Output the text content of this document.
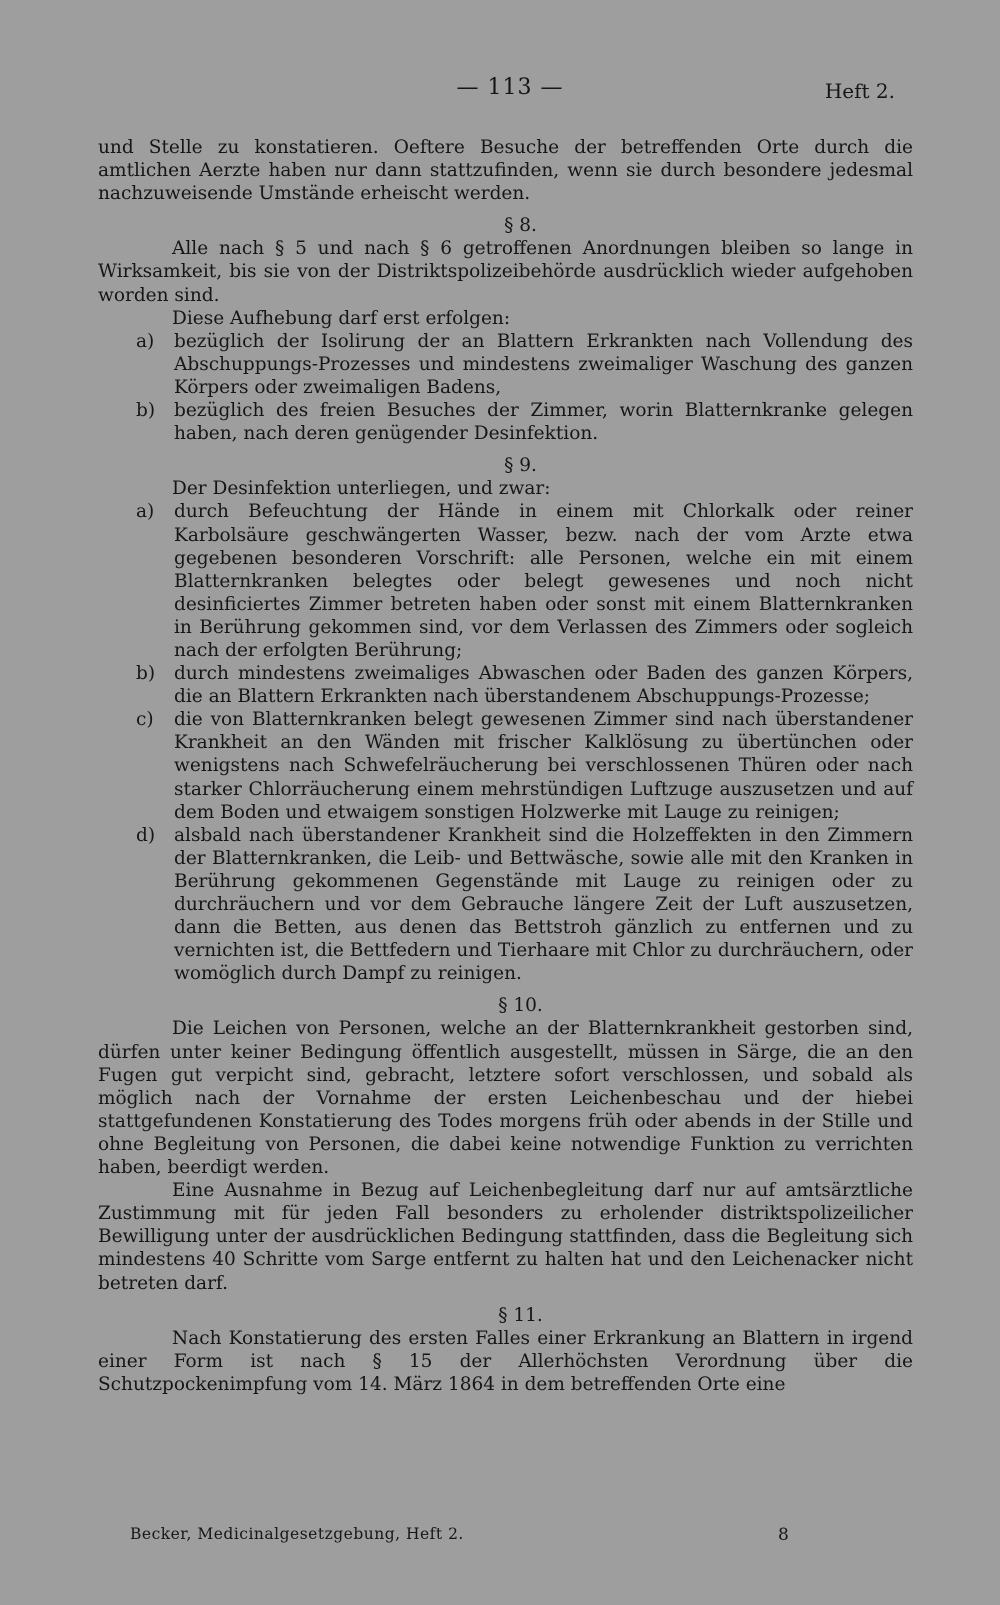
— 113 —	Heft 2.

und Stelle zu konstatieren. Oeftere Besuche der betreffenden Orte durch die amtlichen Aerzte haben nur dann stattzufinden, wenn sie durch besondere jedesmal nachzuweisende Umstände erheischt werden.

§ 8.

Alle nach § 5 und nach § 6 getroffenen Anordnungen bleiben so lange in Wirksamkeit, bis sie von der Distriktspolizeibehörde ausdrücklich wieder aufgehoben worden sind.

Diese Aufhebung darf erst erfolgen:

a)	bezüglich der Isolirung der an Blattern Erkrankten nach Vollendung des Abschuppungs-Prozesses und mindestens zweimaliger Waschung des ganzen Körpers oder zweimaligen Badens,
b)	bezüglich des freien Besuches der Zimmer, worin Blatternkranke gelegen haben, nach deren genügender Desinfektion.
§ 9.

Der Desinfektion unterliegen, und zwar:

a)	durch Befeuchtung der Hände in einem mit Chlorkalk oder reiner Karbolsäure geschwängerten Wasser, bezw. nach der vom Arzte etwa gegebenen besonderen Vorschrift: alle Personen, welche ein mit einem Blatternkranken belegtes oder belegt gewesenes und noch nicht desinficiertes Zimmer betreten haben oder sonst mit einem Blatternkranken in Berührung gekommen sind, vor dem Verlassen des Zimmers oder sogleich nach der erfolgten Berührung;
b)	durch mindestens zweimaliges Abwaschen oder Baden des ganzen Körpers, die an Blattern Erkrankten nach überstandenem Abschuppungs-Prozesse;
c)	die von Blatternkranken belegt gewesenen Zimmer sind nach überstandener Krankheit an den Wänden mit frischer Kalklösung zu übertünchen oder wenigstens nach Schwefelräucherung bei verschlossenen Thüren oder nach starker Chlorräucherung einem mehrstündigen Luftzuge auszusetzen und auf dem Boden und etwaigem sonstigen Holzwerke mit Lauge zu reinigen;
d)	alsbald nach überstandener Krankheit sind die Holzeffekten in den Zimmern der Blatternkranken, die Leib- und Bettwäsche, sowie alle mit den Kranken in Berührung gekommenen Gegenstände mit Lauge zu reinigen oder zu durchräuchern und vor dem Gebrauche längere Zeit der Luft auszusetzen, dann die Betten, aus denen das Bettstroh gänzlich zu entfernen und zu vernichten ist, die Bettfedern und Tierhaare mit Chlor zu durchräuchern, oder womöglich durch Dampf zu reinigen.
§ 10.

Die Leichen von Personen, welche an der Blatternkrankheit gestorben sind, dürfen unter keiner Bedingung öffentlich ausgestellt, müssen in Särge, die an den Fugen gut verpicht sind, gebracht, letztere sofort verschlossen, und sobald als möglich nach der Vornahme der ersten Leichenbeschau und der hiebei stattgefundenen Konstatierung des Todes morgens früh oder abends in der Stille und ohne Begleitung von Personen, die dabei keine notwendige Funktion zu verrichten haben, beerdigt werden.

Eine Ausnahme in Bezug auf Leichenbegleitung darf nur auf amtsärztliche Zustimmung mit für jeden Fall besonders zu erholender distriktspolizeilicher Bewilligung unter der ausdrücklichen Bedingung stattfinden, dass die Begleitung sich mindestens 40 Schritte vom Sarge entfernt zu halten hat und den Leichenacker nicht betreten darf.

§ 11.

Nach Konstatierung des ersten Falles einer Erkrankung an Blattern in irgend einer Form ist nach § 15 der Allerhöchsten Verordnung über die Schutzpockenimpfung vom 14. März 1864 in dem betreffenden Orte eine

Becker, Medicinalgesetzgebung, Heft 2.	8
